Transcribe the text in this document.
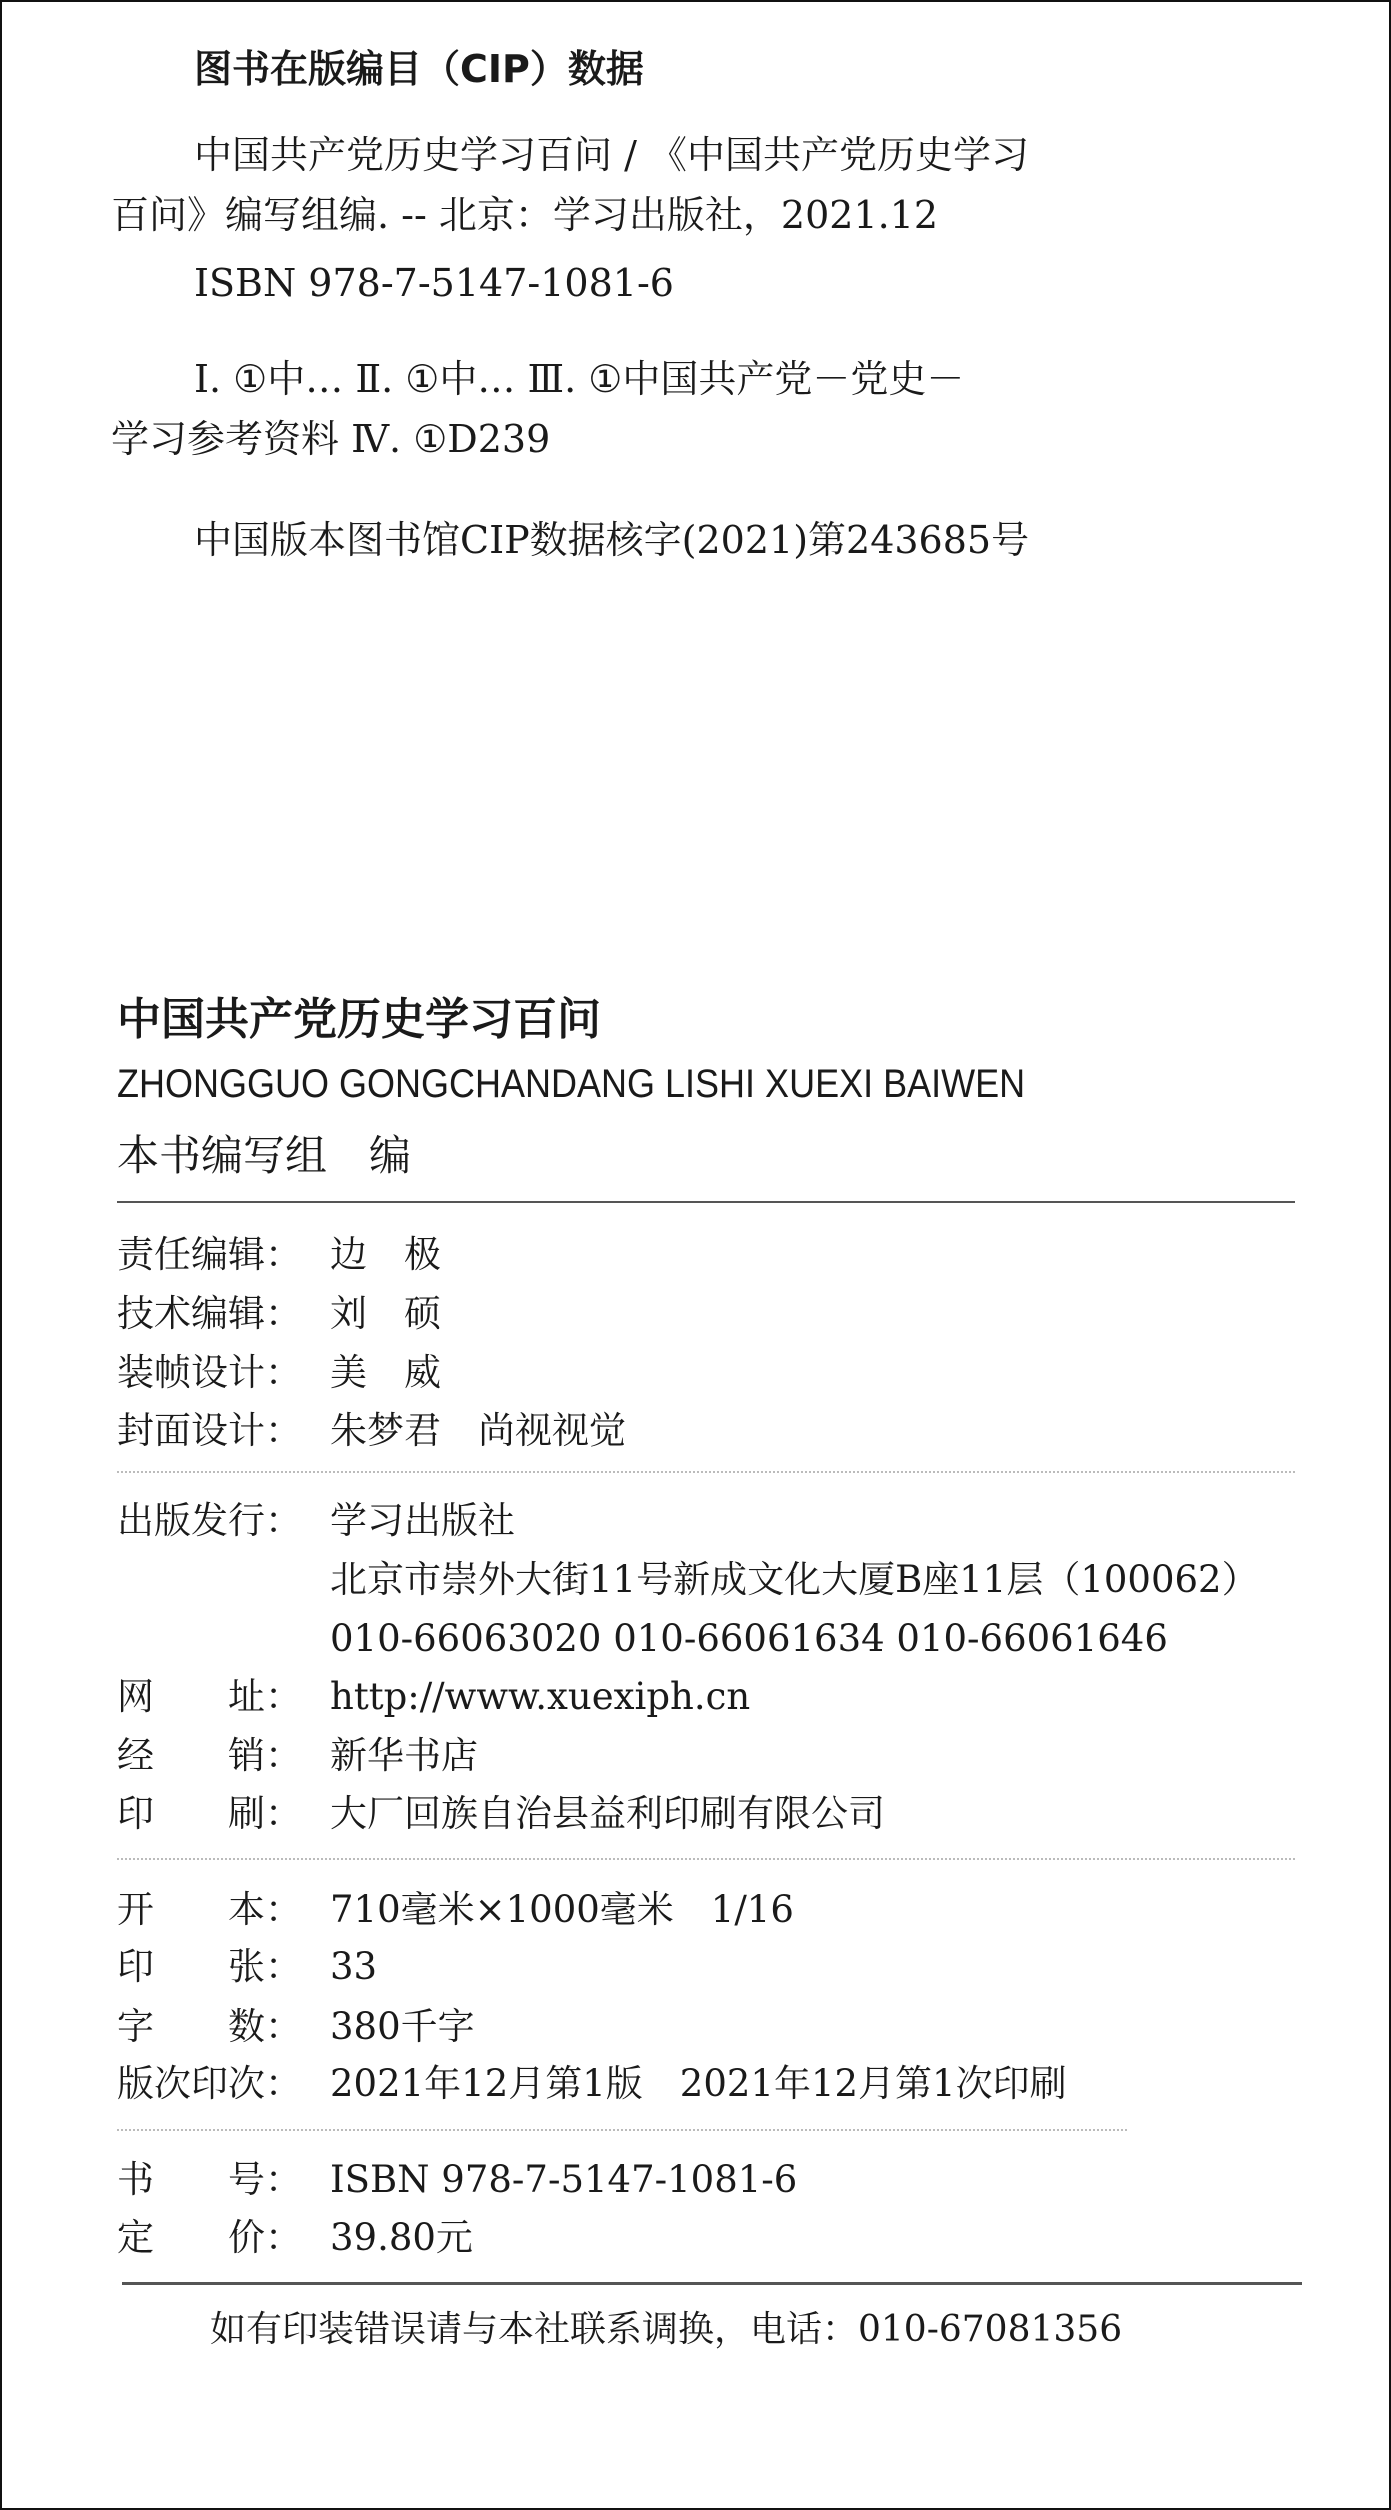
图书在版编目（CIP）数据
中国共产党历史学习百问 / 《中国共产党历史学习
百问》编写组编. -- 北京：学习出版社，2021.12
ISBN 978-7-5147-1081-6
Ⅰ. ①中… Ⅱ. ①中… Ⅲ. ①中国共产党－党史－
学习参考资料 Ⅳ. ①D239
中国版本图书馆CIP数据核字(2021)第243685号
中国共产党历史学习百问
ZHONGGUO GONGCHANDANG LISHI XUEXI BAIWEN
本书编写组　编
责任编辑： 边　极
技术编辑： 刘　硕
装帧设计： 美　威
封面设计： 朱梦君　尚视视觉
出版发行： 学习出版社
北京市崇外大街11号新成文化大厦B座11层（100062）
010-66063020 010-66061634 010-66061646
网　　址： http://www.xuexiph.cn
经　　销： 新华书店
印　　刷： 大厂回族自治县益利印刷有限公司
开　　本： 710毫米×1000毫米　1/16
印　　张： 33
字　　数： 380千字
版次印次： 2021年12月第1版　2021年12月第1次印刷
书　　号： ISBN 978-7-5147-1081-6
定　　价： 39.80元
如有印装错误请与本社联系调换，电话：010-67081356
